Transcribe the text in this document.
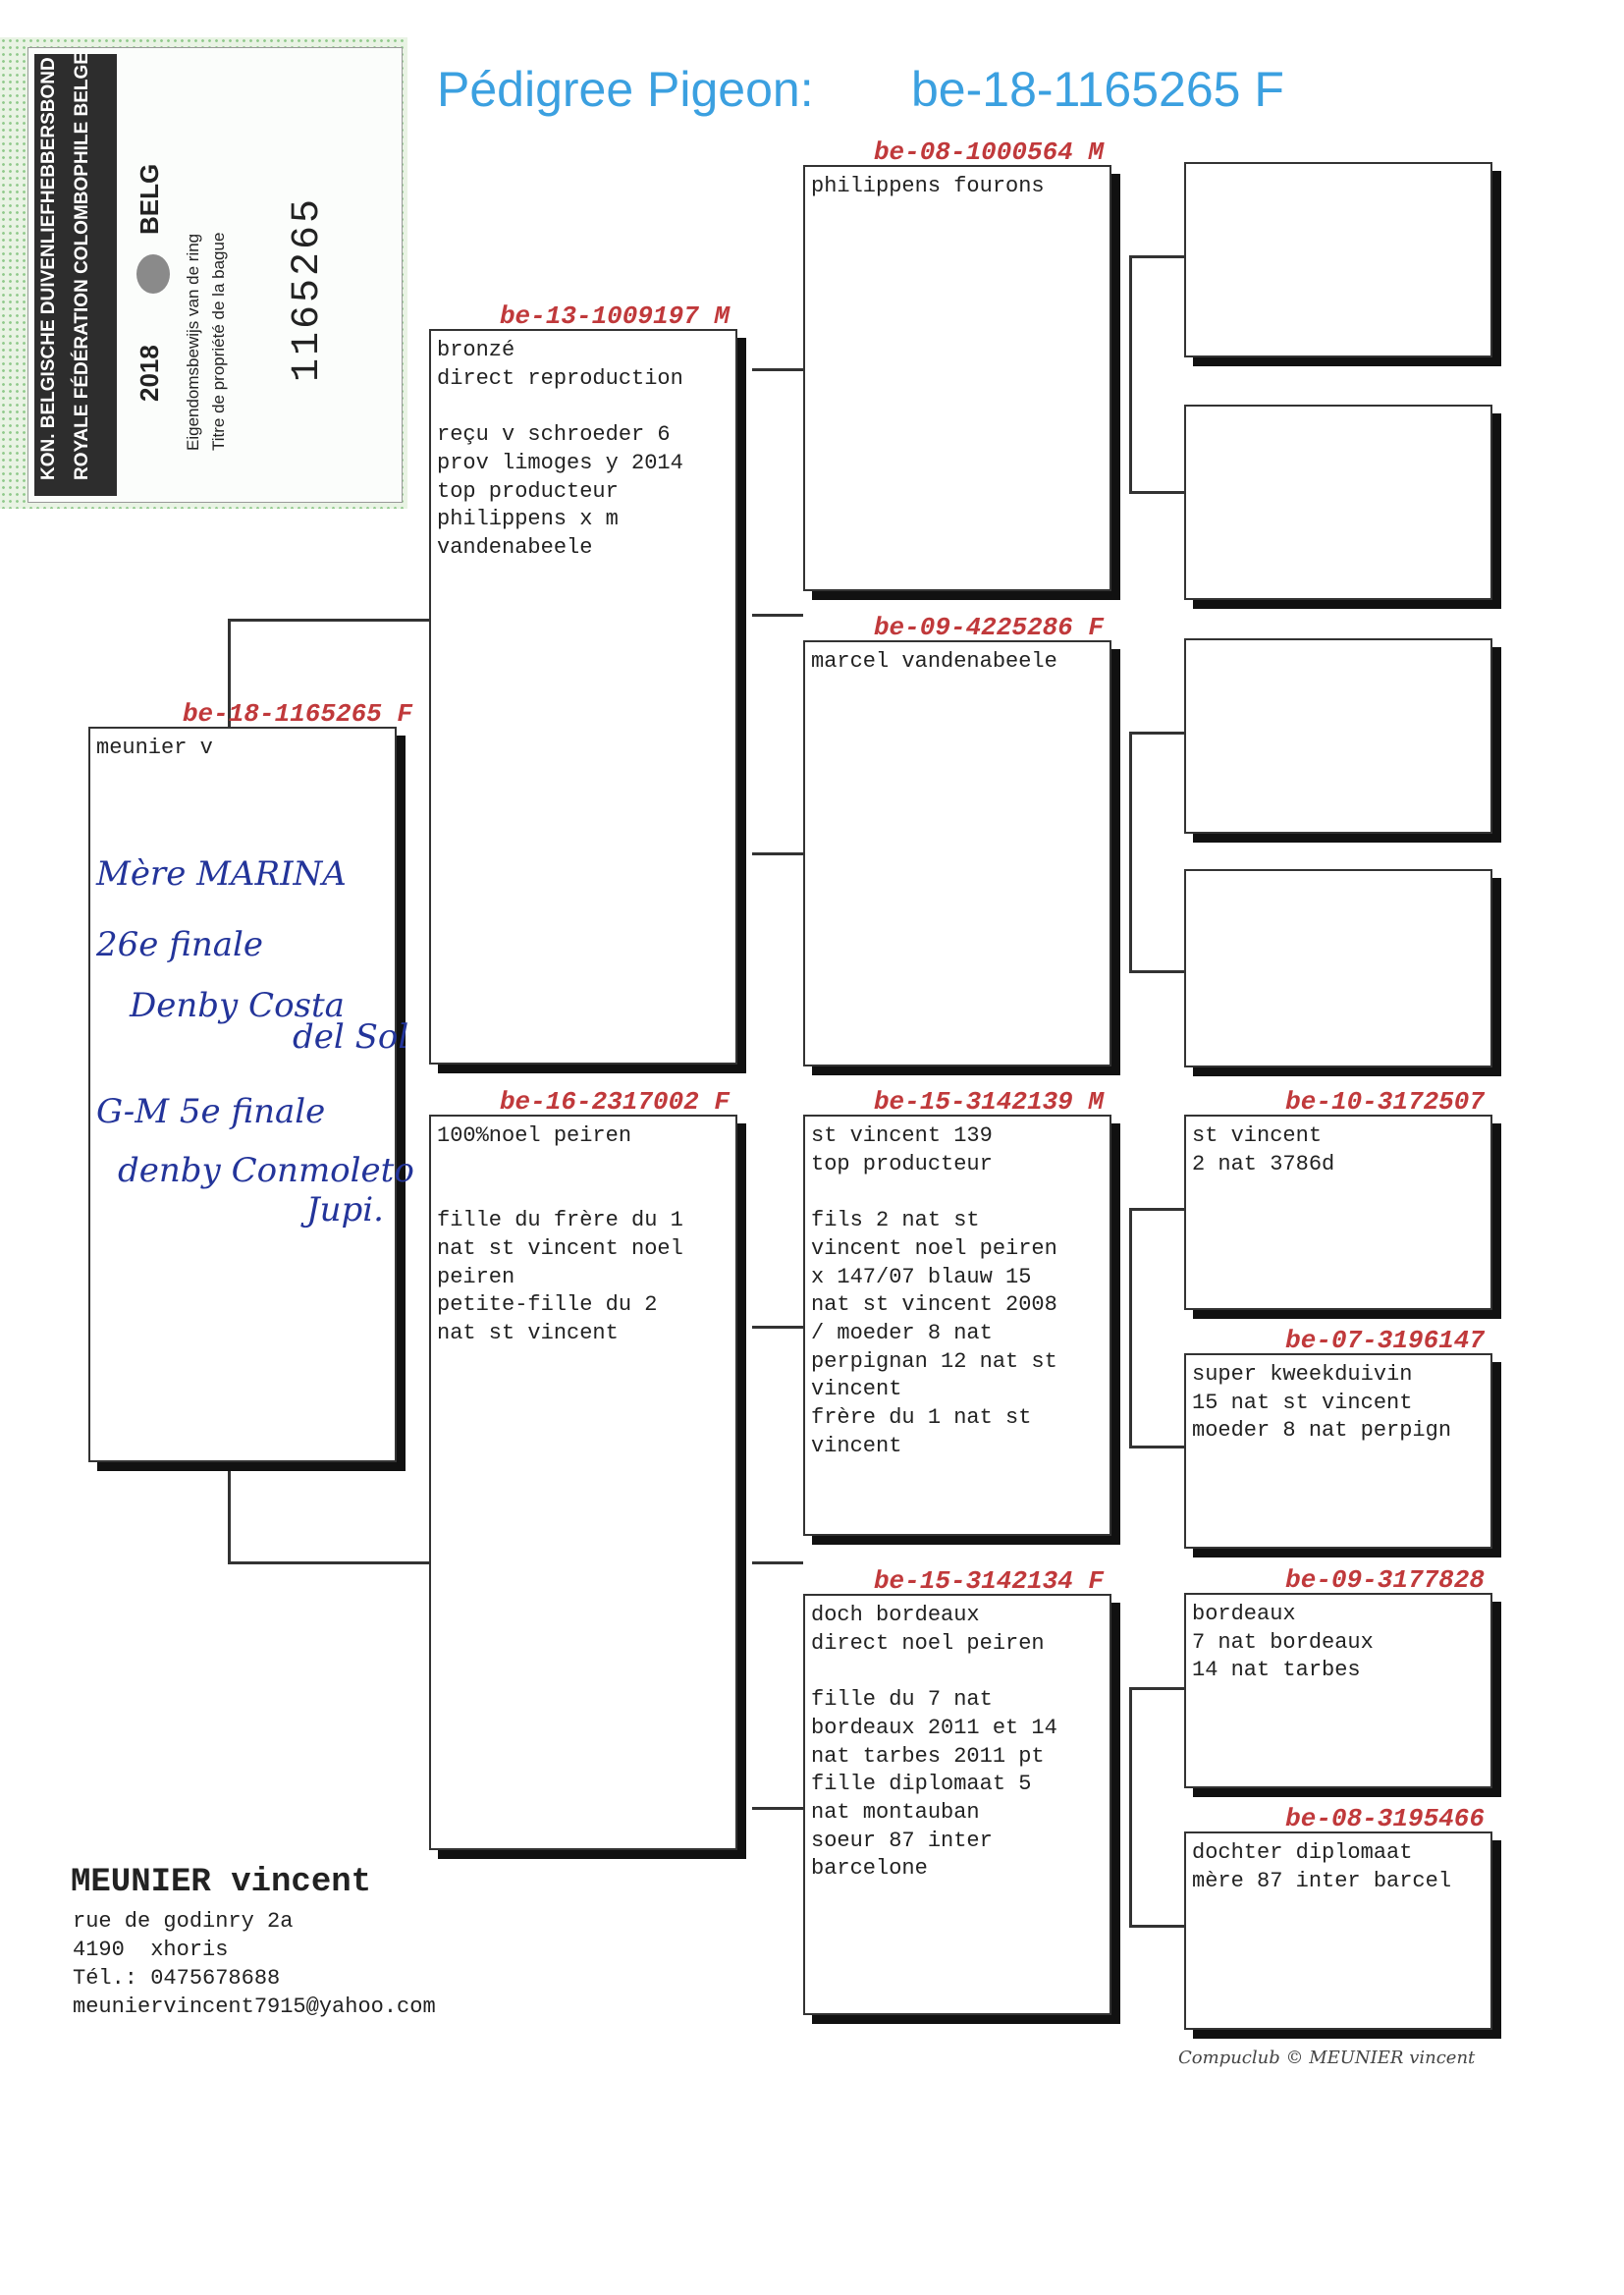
KON. BELGISCHE DUIVENLIEFHEBBERSBOND ROYALE FÉDÉRATION COLOMBOPHILE BELGE 2018
BELG
Eigendomsbewijs van de ring Titre de propriété de la bague 1165265
Pédigree Pigeon: be-18-1165265 F
be-18-1165265 F
meunier v
Mère MARINA
26e finale
Denby Costa
del Sol
G-M 5e finale
denby Conmoleto
Jupi.
be-13-1009197 M
bronzé
direct reproduction

reçu v schroeder 6
prov limoges y 2014
top producteur
philippens x m
vandenabeele
be-16-2317002 F
100%noel peiren

fille du frère du 1
nat st vincent noel
peiren
petite-fille du 2
nat st vincent
be-08-1000564 M
philippens fourons
be-09-4225286 F
marcel vandenabeele
be-15-3142139 M
st vincent 139
top producteur

fils 2 nat st
vincent noel peiren
x 147/07 blauw 15
nat st vincent 2008
/ moeder 8 nat
perpignan 12 nat st
vincent
frère du 1 nat st
vincent
be-15-3142134 F
doch bordeaux
direct noel peiren

fille du 7 nat
bordeaux 2011 et 14
nat tarbes 2011 pt
fille diplomaat 5
nat montauban
soeur 87 inter
barcelone
be-10-3172507
st vincent
2 nat 3786d
be-07-3196147
super kweekduivin
15 nat st vincent
moeder 8 nat perpign
be-09-3177828
bordeaux
7 nat bordeaux
14 nat tarbes
be-08-3195466
dochter diplomaat
mère 87 inter barcel
MEUNIER vincent
rue de godinry 2a
4190  xhoris
Tél.: 0475678688
meuniervincent7915@yahoo.com
Compuclub © MEUNIER vincent
